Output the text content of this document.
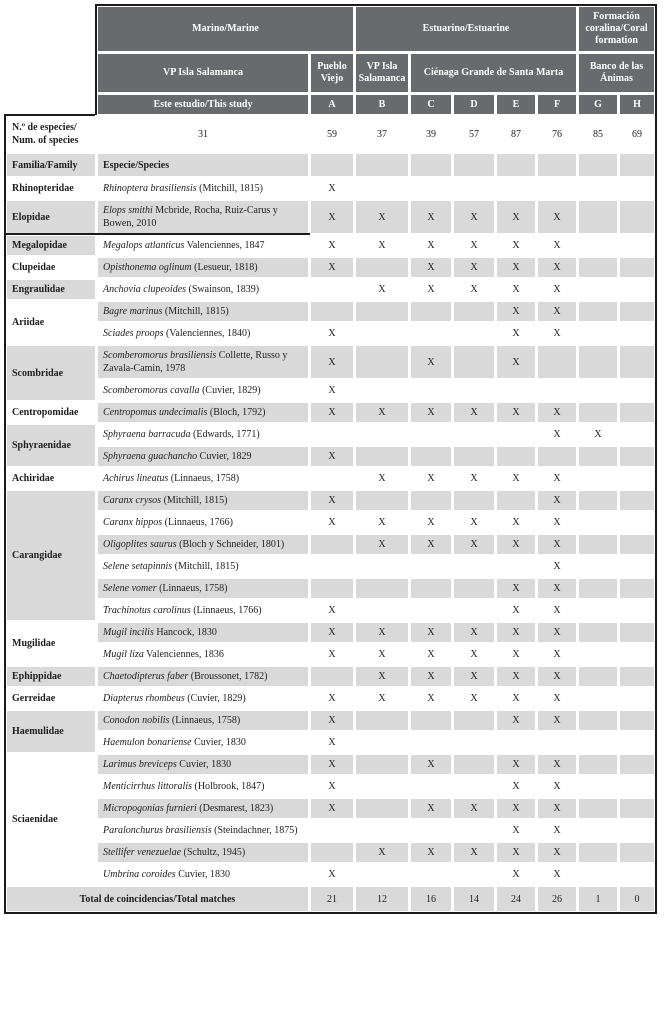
	Marino/Marine		Estuarino/Estuarine					Formación coralina/Coral formation	
	VP Isla Salamanca	Pueblo Viejo	VP Isla Salamanca	Ciénaga Grande de Santa Marta				Banco de las Ánimas	
	Este estudio/This study	A	B	C	D	E	F	G	H
N.º de especies/
Num. of species	31	59	37	39	57	87	76	85	69
Familia/Family	Especie/Species								
Rhinopteridae	Rhinoptera brasiliensis (Mitchill, 1815)	X							
Elopidae	Elops smithi Mcbride, Rocha, Ruiz-Carus y Bowen, 2010	X	X	X	X	X	X		
Megalopidae	Megalops atlanticus Valenciennes, 1847	X	X	X	X	X	X		
Clupeidae	Opisthonema oglinum (Lesueur, 1818)	X		X	X	X	X		
Engraulidae	Anchovia clupeoides (Swainson, 1839)		X	X	X	X	X		
Ariidae	Bagre marinus (Mitchill, 1815)					X	X		
	Sciades proops (Valenciennes, 1840)	X				X	X		
Scombridae	Scomberomorus brasiliensis Collette, Russo y Zavala-Camin, 1978	X		X		X			
	Scomberomorus cavalla (Cuvier, 1829)	X							
Centropomidae	Centropomus undecimalis (Bloch, 1792)	X	X	X	X	X	X		
Sphyraenidae	Sphyraena barracuda (Edwards, 1771)						X	X	
	Sphyraena guachancho Cuvier, 1829	X							
Achiridae	Achirus lineatus (Linnaeus, 1758)		X	X	X	X	X		
Carangidae	Caranx crysos (Mitchill, 1815)	X					X		
	Caranx hippos (Linnaeus, 1766)	X	X	X	X	X	X		
	Oligoplites saurus (Bloch y Schneider, 1801)		X	X	X	X	X		
	Selene setapinnis (Mitchill, 1815)						X		
	Selene vomer (Linnaeus, 1758)					X	X		
	Trachinotus carolinus (Linnaeus, 1766)	X				X	X		
Mugilidae	Mugil incilis Hancock, 1830	X	X	X	X	X	X		
	Mugil liza Valenciennes, 1836	X	X	X	X	X	X		
Ephippidae	Chaetodipterus faber (Broussonet, 1782)		X	X	X	X	X		
Gerreidae	Diapterus rhombeus (Cuvier, 1829)	X	X	X	X	X	X		
Haemulidae	Conodon nobilis (Linnaeus, 1758)	X				X	X		
	Haemulon bonariense Cuvier, 1830	X							
Sciaenidae	Larimus breviceps Cuvier, 1830	X		X		X	X		
	Menticirrhus littoralis (Holbrook, 1847)	X				X	X		
	Micropogonias furnieri (Desmarest, 1823)	X		X	X	X	X		
	Paralonchurus brasiliensis (Steindachner, 1875)					X	X		
	Stellifer venezuelae (Schultz, 1945)		X	X	X	X	X		
	Umbrina coroides Cuvier, 1830	X				X	X		
Total de coincidencias/Total matches		21	12	16	14	24	26	1	0
